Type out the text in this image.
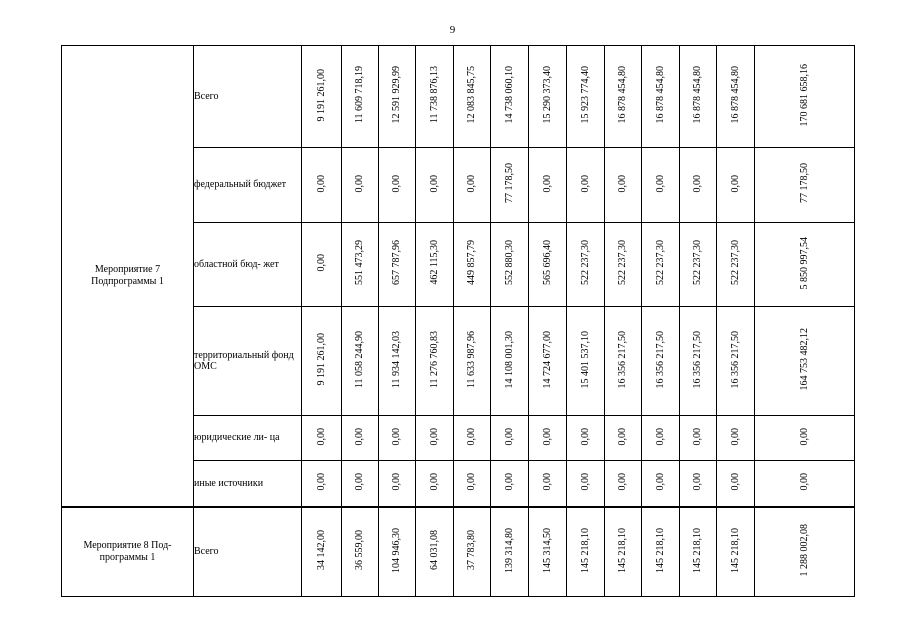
9
Мероприятие 7 Подпрограммы 1	Всего	9 191 261,00	11 609 718,19	12 591 929,99	11 738 876,13	12 083 845,75	14 738 060,10	15 290 373,40	15 923 774,40	16 878 454,80	16 878 454,80	16 878 454,80	16 878 454,80	170 681 658,16
	федеральный бюджет	0,00	0,00	0,00	0,00	0,00	77 178,50	0,00	0,00	0,00	0,00	0,00	0,00	77 178,50
	областной бюд- жет	0,00	551 473,29	657 787,96	462 115,30	449 857,79	552 880,30	565 696,40	522 237,30	522 237,30	522 237,30	522 237,30	522 237,30	5 850 997,54
	территориальный фонд ОМС	9 191 261,00	11 058 244,90	11 934 142,03	11 276 760,83	11 633 987,96	14 108 001,30	14 724 677,00	15 401 537,10	16 356 217,50	16 356 217,50	16 356 217,50	16 356 217,50	164 753 482,12
	юридические ли- ца	0,00	0,00	0,00	0,00	0,00	0,00	0,00	0,00	0,00	0,00	0,00	0,00	0,00
	иные источники	0,00	0,00	0,00	0,00	0,00	0,00	0,00	0,00	0,00	0,00	0,00	0,00	0,00
Мероприятие 8 Под- программы 1	Всего	34 142,00	36 559,00	104 946,30	64 031,08	37 783,80	139 314,80	145 314,50	145 218,10	145 218,10	145 218,10	145 218,10	145 218,10	1 288 002,08
